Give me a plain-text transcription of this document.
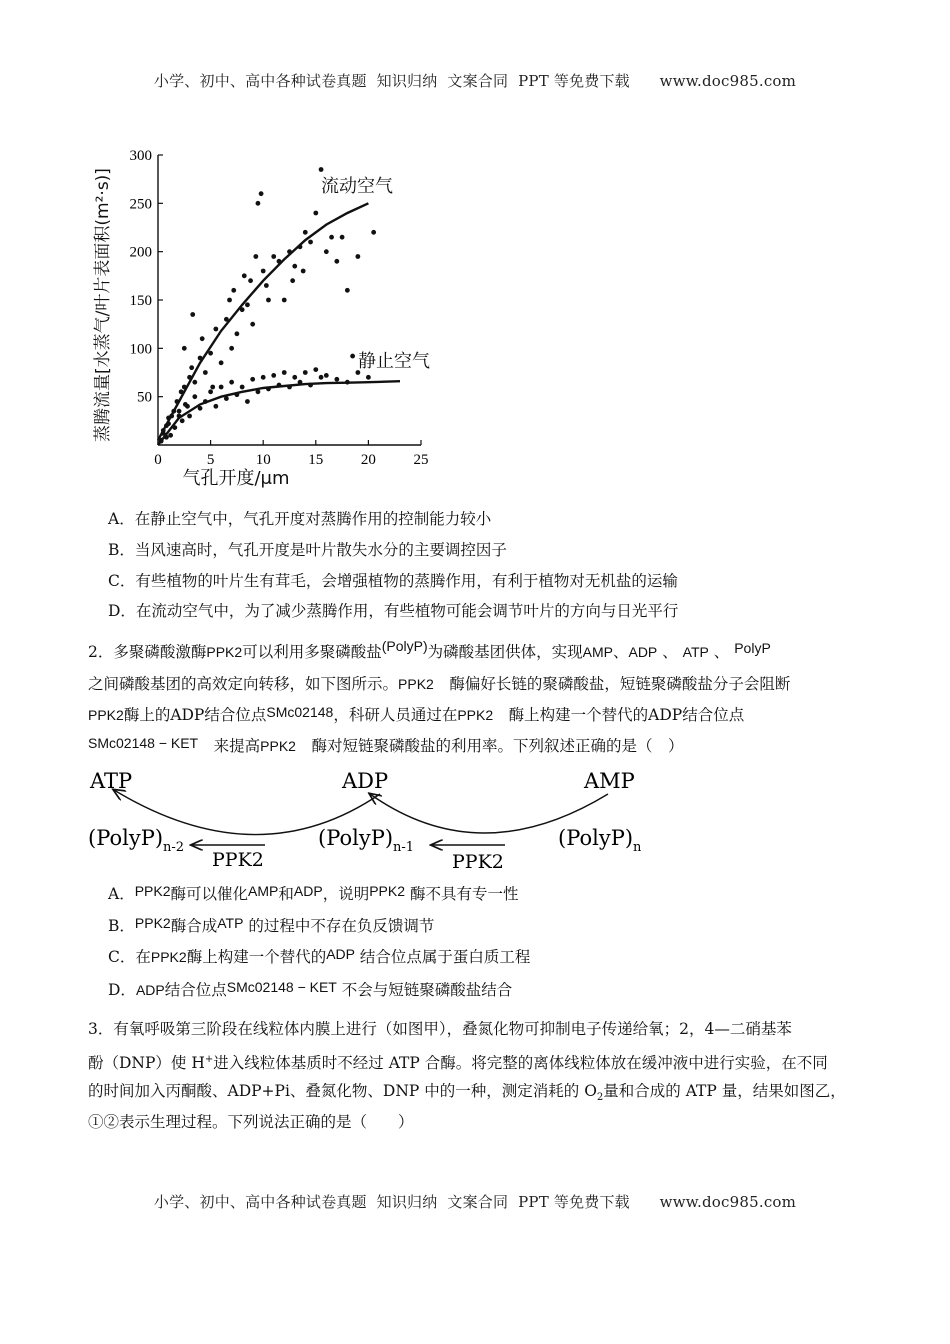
小学、初中、高中各种试卷真题  知识归纳  文案合同  PPT 等免费下载      www.doc985.com
0	5	10	15	20	25
50
100
150
200
250
300
流动空气
静止空气
气孔开度/μm
蒸腾流量[水蒸气/叶片表面积(m²·s)]
A．在静止空气中，气孔开度对蒸腾作用的控制能力较小
B．当风速高时，气孔开度是叶片散失水分的主要调控因子
C．有些植物的叶片生有茸毛，会增强植物的蒸腾作用，有利于植物对无机盐的运输
D．在流动空气中，为了减少蒸腾作用，有些植物可能会调节叶片的方向与日光平行
2．多聚磷酸激酶PPK2可以利用多聚磷酸盐(PolyP)为磷酸基团供体，实现AMP、ADP 、 ATP 、 PolyP
之间磷酸基团的高效定向转移，如下图所示。PPK2　 酶偏好长链的聚磷酸盐，短链聚磷酸盐分子会阻断
PPK2酶上的ADP结合位点SMc02148，科研人员通过在PPK2　 酶上构建一个替代的ADP结合位点
SMc02148 − KET　 来提高PPK2　 酶对短链聚磷酸盐的利用率。下列叙述正确的是（　）
ATP	ADP	AMP
$(PolyP)_{n-2}$	$(PolyP)_{n-1}$	$(PolyP)_n$
PPK2	PPK2
A．PPK2酶可以催化AMP和ADP，说明PPK2 酶不具有专一性
B．PPK2酶合成ATP 的过程中不存在负反馈调节
C．在PPK2酶上构建一个替代的ADP 结合位点属于蛋白质工程
D．ADP结合位点SMc02148 − KET 不会与短链聚磷酸盐结合
3．有氧呼吸第三阶段在线粒体内膜上进行（如图甲），叠氮化物可抑制电子传递给氧；2，4—二硝基苯
酚（DNP）使 H+进入线粒体基质时不经过 ATP 合酶。将完整的离体线粒体放在缓冲液中进行实验，在不同
的时间加入丙酮酸、ADP+Pi、叠氮化物、DNP 中的一种，测定消耗的 $O_2$量和合成的 ATP 量，结果如图乙，
①②表示生理过程。下列说法正确的是（　　）
小学、初中、高中各种试卷真题  知识归纳  文案合同  PPT 等免费下载      www.doc985.com
